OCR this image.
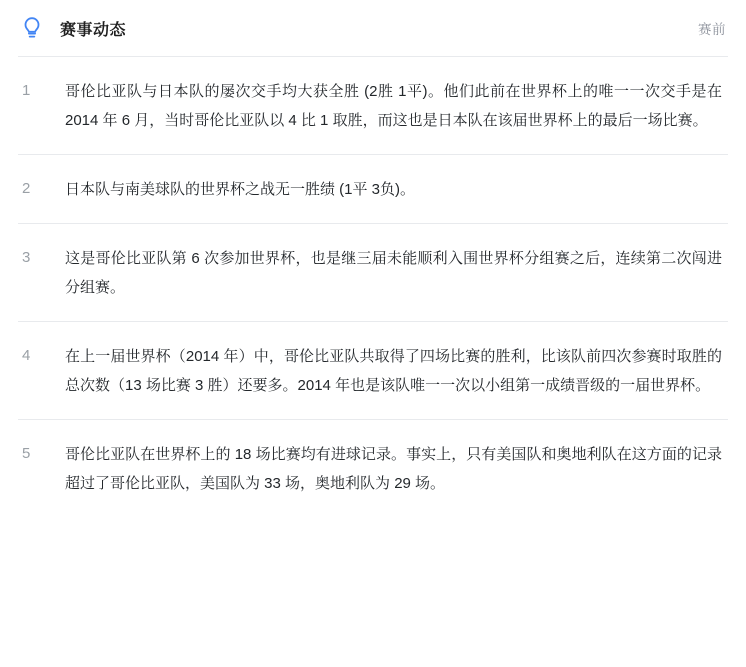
赛事动态	赛前
1	哥伦比亚队与日本队的屡次交手均大获全胜 (2胜 1平)。他们此前在世界杯上的唯一一次交手是在 2014 年 6 月，当时哥伦比亚队以 4 比 1 取胜，而这也是日本队在该届世界杯上的最后一场比赛。
2	日本队与南美球队的世界杯之战无一胜绩 (1平 3负)。
3	这是哥伦比亚队第 6 次参加世界杯，也是继三届未能顺利入围世界杯分组赛之后，连续第二次闯进分组赛。
4	在上一届世界杯（2014 年）中，哥伦比亚队共取得了四场比赛的胜利，比该队前四次参赛时取胜的总次数（13 场比赛 3 胜）还要多。2014 年也是该队唯一一次以小组第一成绩晋级的一届世界杯。
5	哥伦比亚队在世界杯上的 18 场比赛均有进球记录。事实上，只有美国队和奥地利队在这方面的记录超过了哥伦比亚队，美国队为 33 场，奥地利队为 29 场。
